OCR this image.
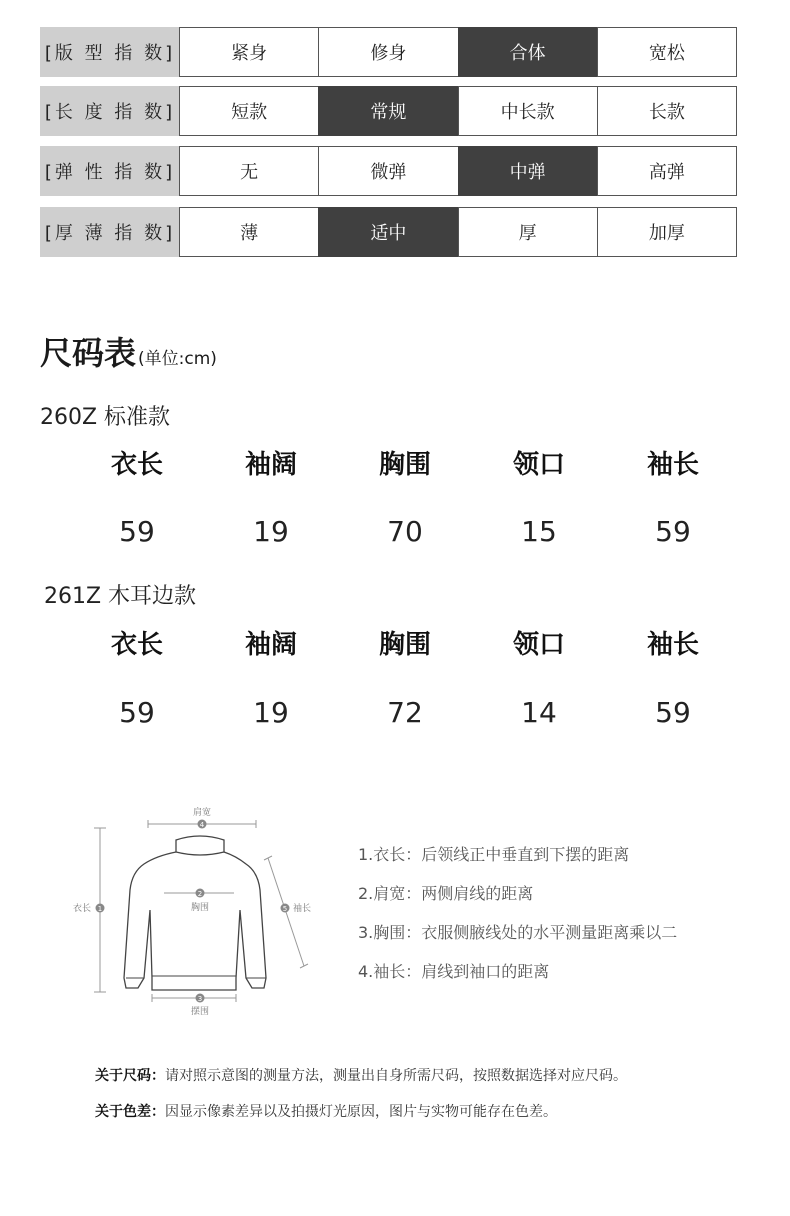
[版 型 指 数]	紧身	修身	合体	宽松
[长 度 指 数]	短款	常规	中长款	长款
[弹 性 指 数]	无	微弹	中弹	高弹
[厚 薄 指 数]	薄	适中	厚	加厚
尺码表 (单位:cm)
260Z 标准款
衣长	袖阔	胸围	领口	袖长
59	19	70	15	59
261Z 木耳边款
衣长	袖阔	胸围	领口	袖长
59	19	72	14	59
肩宽
4
衣长 1
2
胸围
3
摆围
5 袖长
1.衣长：后领线正中垂直到下摆的距离
2.肩宽：两侧肩线的距离
3.胸围：衣服侧腋线处的水平测量距离乘以二
4.袖长：肩线到袖口的距离
关于尺码：请对照示意图的测量方法，测量出自身所需尺码，按照数据选择对应尺码。
关于色差：因显示像素差异以及拍摄灯光原因，图片与实物可能存在色差。
